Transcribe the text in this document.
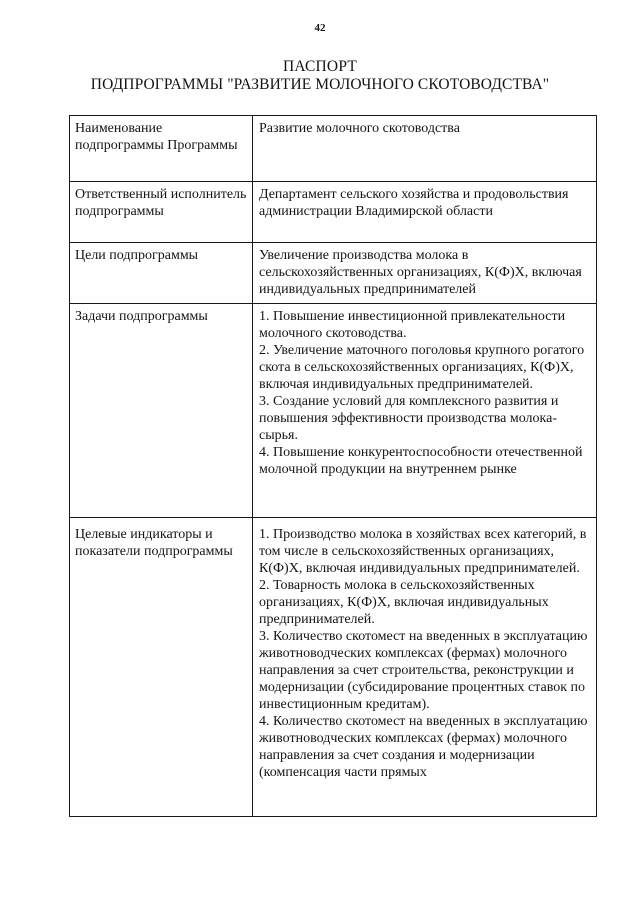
42
ПАСПОРТ
ПОДПРОГРАММЫ "РАЗВИТИЕ МОЛОЧНОГО СКОТОВОДСТВА"
Наименование подпрограммы Программы	Развитие молочного скотоводства

Ответственный исполнитель подпрограммы	Департамент сельского хозяйства и продовольствия администрации Владимирской области

Цели подпрограммы	Увеличение производства молока в сельскохозяйственных организациях, К(Ф)Х, включая индивидуальных предпринимателей

Задачи подпрограммы	1. Повышение инвестиционной привлекательности молочного скотоводства.
2. Увеличение маточного поголовья крупного рогатого скота в сельскохозяйственных организациях, К(Ф)Х, включая индивидуальных предпринимателей.
3. Создание условий для комплексного развития и повышения эффективности производства молока-сырья.
4. Повышение конкурентоспособности отечественной молочной продукции на внутреннем рынке

Целевые индикаторы и показатели подпрограммы	1. Производство молока в хозяйствах всех категорий, в том числе в сельскохозяйственных организациях, К(Ф)Х, включая индивидуальных предпринимателей.
2. Товарность молока в сельскохозяйственных организациях, К(Ф)Х, включая индивидуальных предпринимателей.
3. Количество скотомест на введенных в эксплуатацию животноводческих комплексах (фермах) молочного направления за счет строительства, реконструкции и модернизации (субсидирование процентных ставок по инвестиционным кредитам).
4. Количество скотомест на введенных в эксплуатацию животноводческих комплексах (фермах) молочного направления за счет создания и модернизации (компенсация части прямых
